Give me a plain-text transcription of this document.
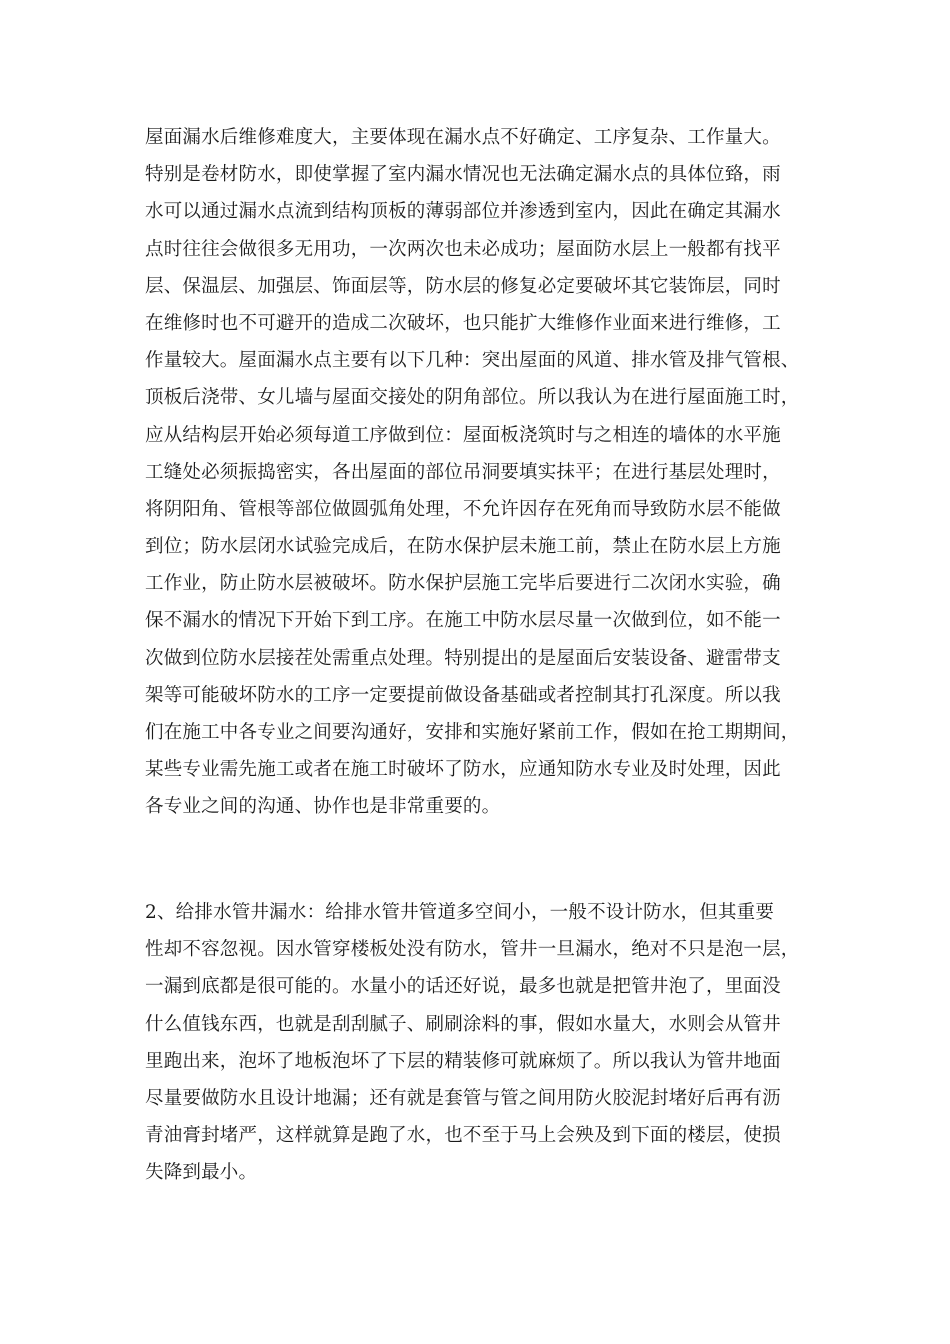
屋面漏水后维修难度大，主要体现在漏水点不好确定、工序复杂、工作量大。
特别是卷材防水，即使掌握了室内漏水情况也无法确定漏水点的具体位臵，雨
水可以通过漏水点流到结构顶板的薄弱部位并渗透到室内，因此在确定其漏水
点时往往会做很多无用功，一次两次也未必成功；屋面防水层上一般都有找平
层、保温层、加强层、饰面层等，防水层的修复必定要破坏其它装饰层，同时
在维修时也不可避开的造成二次破坏，也只能扩大维修作业面来进行维修，工
作量较大。屋面漏水点主要有以下几种：突出屋面的风道、排水管及排气管根、
顶板后浇带、女儿墙与屋面交接处的阴角部位。所以我认为在进行屋面施工时，
应从结构层开始必须每道工序做到位：屋面板浇筑时与之相连的墙体的水平施
工缝处必须振捣密实，各出屋面的部位吊洞要填实抹平；在进行基层处理时，
将阴阳角、管根等部位做圆弧角处理，不允许因存在死角而导致防水层不能做
到位；防水层闭水试验完成后，在防水保护层未施工前，禁止在防水层上方施
工作业，防止防水层被破坏。防水保护层施工完毕后要进行二次闭水实验，确
保不漏水的情况下开始下到工序。在施工中防水层尽量一次做到位，如不能一
次做到位防水层接茬处需重点处理。特别提出的是屋面后安装设备、避雷带支
架等可能破坏防水的工序一定要提前做设备基础或者控制其打孔深度。所以我
们在施工中各专业之间要沟通好，安排和实施好紧前工作，假如在抢工期期间，
某些专业需先施工或者在施工时破坏了防水，应通知防水专业及时处理，因此
各专业之间的沟通、协作也是非常重要的。
2、给排水管井漏水：给排水管井管道多空间小，一般不设计防水，但其重要
性却不容忽视。因水管穿楼板处没有防水，管井一旦漏水，绝对不只是泡一层，
一漏到底都是很可能的。水量小的话还好说，最多也就是把管井泡了，里面没
什么值钱东西，也就是刮刮腻子、刷刷涂料的事，假如水量大，水则会从管井
里跑出来，泡坏了地板泡坏了下层的精装修可就麻烦了。所以我认为管井地面
尽量要做防水且设计地漏；还有就是套管与管之间用防火胶泥封堵好后再有沥
青油膏封堵严，这样就算是跑了水，也不至于马上会殃及到下面的楼层，使损
失降到最小。
